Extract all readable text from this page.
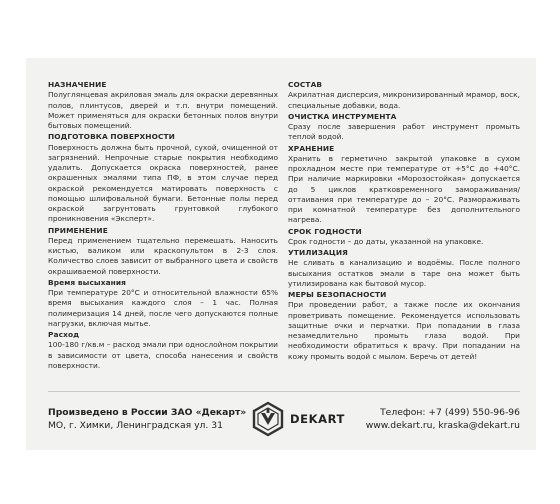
НАЗНАЧЕНИЕ

Полуглянцевая акриловая эмаль для окраски деревянных полов, плинтусов, дверей и т.п. внутри помещений. Может применяться для окраски бетонных полов внутри бытовых помещений.

ПОДГОТОВКА ПОВЕРХНОСТИ

Поверхность должна быть прочной, сухой, очищенной от загрязнений. Непрочные старые покрытия необходимо удалить. Допускается окраска поверхностей, ранее окрашенных эмалями типа ПФ, в этом случае перед окраской рекомендуется матировать поверхность с помощью шлифовальной бумаги. Бетонные полы перед окраской загрунтовать грунтовкой глубокого проникновения «Эксперт».

ПРИМЕНЕНИЕ

Перед применением тщательно перемешать. Наносить кистью, валиком или краскопультом в 2-3 слоя. Количество слоев зависит от выбранного цвета и свойств окрашиваемой поверхности.

Время высыхания

При температуре 20°С и относительной влажности 65% время высыхания каждого слоя – 1 час. Полная полимеризация 14 дней, после чего допускаются полные нагрузки, включая мытье.

Расход

100-180 г/кв.м – расход эмали при однослойном покрытии в зависимости от цвета, способа нанесения и свойств поверхности.

СОСТАВ

Акрилатная дисперсия, микронизированный мрамор, воск, специальные добавки, вода.

ОЧИСТКА ИНСТРУМЕНТА

Сразу после завершения работ инструмент промыть теплой водой.

ХРАНЕНИЕ

Хранить в герметично закрытой упаковке в сухом прохладном месте при температуре от +5°С до +40°С. При наличие маркировки «Морозостойкая» допускается до 5 циклов кратковременного замораживания/оттаивания при температуре до – 20°С. Размораживать при комнатной температуре без дополнительного нагрева.

СРОК ГОДНОСТИ

Срок годности – до даты, указанной на упаковке.

УТИЛИЗАЦИЯ

Не сливать в канализацию и водоёмы. После полного высыхания остатков эмали в таре она может быть утилизирована как бытовой мусор.

МЕРЫ БЕЗОПАСНОСТИ

При проведении работ, а также после их окончания проветривать помещение. Рекомендуется использовать защитные очки и перчатки. При попадании в глаза незамедлительно промыть глаза водой. При необходимости обратиться к врачу. При попадании на кожу промыть водой с мылом. Беречь от детей!

Произведено в России ЗАО «Декарт»
МО, г. Химки, Ленинградская ул. 31	DEKART	Телефон: +7 (499) 550-96-96
www.dekart.ru, kraska@dekart.ru
